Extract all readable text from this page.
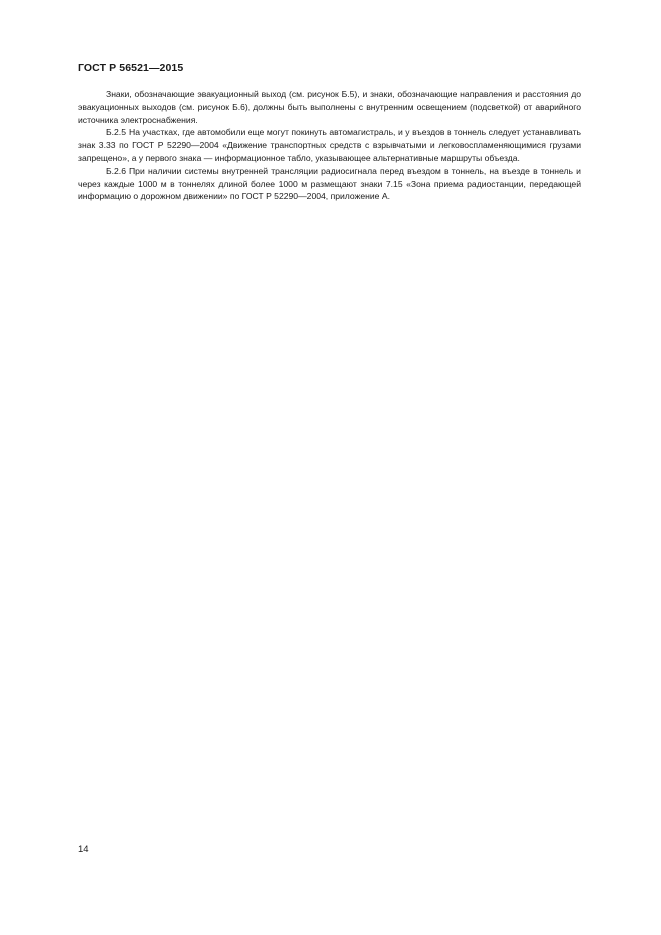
ГОСТ Р 56521—2015

Знаки, обозначающие эвакуационный выход (см. рисунок Б.5), и знаки, обозначающие направления и расстояния до эвакуационных выходов (см. рисунок Б.6), должны быть выполнены с внутренним освещением (подсветкой) от аварийного источника электроснабжения.

Б.2.5 На участках, где автомобили еще могут покинуть автомагистраль, и у въездов в тоннель следует устанавливать знак 3.33 по ГОСТ Р 52290—2004 «Движение транспортных средств с взрывчатыми и легковоспламеняющимися грузами запрещено», а у первого знака — информационное табло, указывающее альтернативные маршруты объезда.

Б.2.6 При наличии системы внутренней трансляции радиосигнала перед въездом в тоннель, на въезде в тоннель и через каждые 1000 м в тоннелях длиной более 1000 м размещают знаки 7.15 «Зона приема радиостанции, передающей информацию о дорожном движении» по ГОСТ Р 52290—2004, приложение А.

14
